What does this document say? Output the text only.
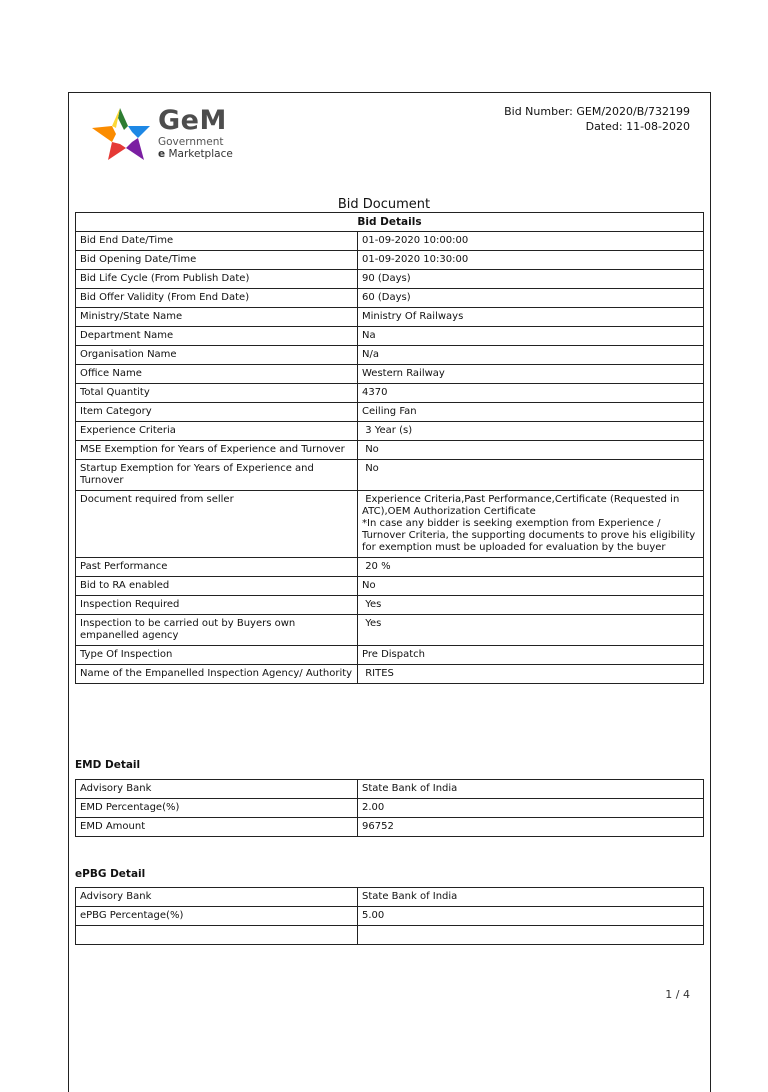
GeM
Government
e Marketplace
Bid Number: GEM/2020/B/732199
Dated: 11-08-2020
Bid Document
Bid Details	
Bid End Date/Time	01-09-2020 10:00:00
Bid Opening Date/Time	01-09-2020 10:30:00
Bid Life Cycle (From Publish Date)	90 (Days)
Bid Offer Validity (From End Date)	60 (Days)
Ministry/State Name	Ministry Of Railways
Department Name	Na
Organisation Name	N/a
Office Name	Western Railway
Total Quantity	4370
Item Category	Ceiling Fan
Experience Criteria	3 Year (s)
MSE Exemption for Years of Experience and Turnover	No
Startup Exemption for Years of Experience and Turnover	No
Document required from seller	Experience Criteria,Past Performance,Certificate (Requested in ATC),OEM Authorization Certificate
*In case any bidder is seeking exemption from Experience / Turnover Criteria, the supporting documents to prove his eligibility for exemption must be uploaded for evaluation by the buyer
Past Performance	20 %
Bid to RA enabled	No
Inspection Required	Yes
Inspection to be carried out by Buyers own empanelled agency	Yes
Type Of Inspection	Pre Dispatch
Name of the Empanelled Inspection Agency/ Authority	RITES
EMD Detail
Advisory Bank	State Bank of India
EMD Percentage(%)	2.00
EMD Amount	96752
ePBG Detail
Advisory Bank	State Bank of India
ePBG Percentage(%)	5.00

1 / 4
